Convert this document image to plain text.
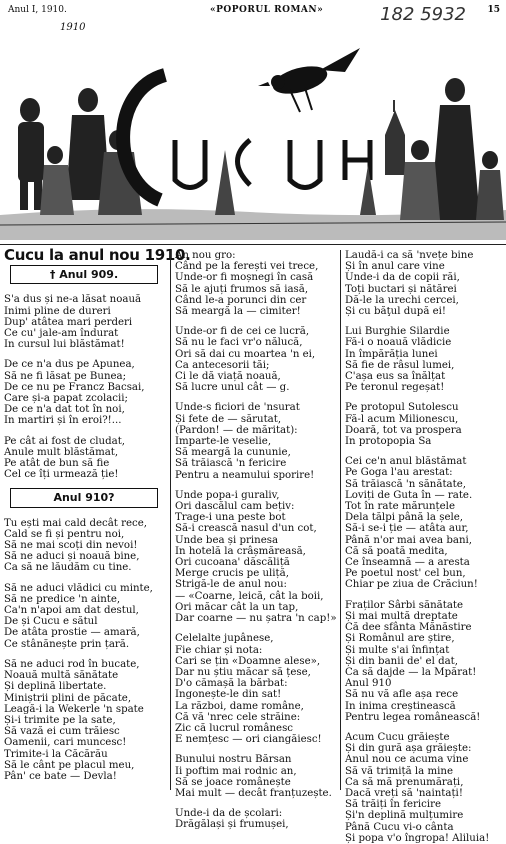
Anul I, 1910.	«POPORUL ROMAN»	182 5932 15
1910
Cucu la anul nou 1910.
† Anul 909.

S'a dus și ne-a lăsat noauă

Inimi pline de dureri

Dup' atâtea mari perderi

Ce cu' jale-am îndurat

In cursul lui blăstămat!

De ce n'a dus pe Apunea,

Să ne fi lăsat pe Bunea;

De ce nu pe Francz Bacsai,

Care și-a papat zcolacii;

De ce n'a dat tot în noi,

In martiri și în eroi?!...

Pe cât ai fost de cludat,

Anule mult blăstămat,

Pe atât de bun să fie

Cel ce îți urmează ție!

Anul 910?

Tu ești mai cald decât rece,

Cald se fi și pentru noi,

Să ne mai scoți din nevoi!

Să ne aduci și noauă bine,

Ca să ne lăudăm cu tine.

Să ne aduci vlădici cu minte,

Să ne predice 'n ainte,

Ca'n n'apoi am dat destul,

De și Cucu e sătul

De atâta prostie — amară,

Ce stânănește prin țară.

Să ne aduci rod în bucate,

Noauă multă sănătate

Și deplină libertate.

Miniștrii plini de păcate,

Leagă-i la Wekerle 'n spate

Și-i trimite pe la sate,

Să vază ei cum trăiesc

Oamenii, cari muncesc!

Trimite-i la Căcărău

Să le cânt pe placul meu,

Pân' ce bate — Devla!

An nou gro:

Când pe la ferești vei trece,

Unde-or fi moșnegi în casă

Să le ajuți frumos să iasă,

Când le-a porunci din cer

Să meargă la — cimiter!

Unde-or fi de cei ce lucră,

Să nu le faci vr'o nălucă,

Ori să dai cu moartea 'n ei,

Ca antecesorii tăi;

Ci le dă viață noauă,

Să lucre unul cât — g.

Unde-s ficiori de 'nsurat

Și fete de — sărutat,

(Pardon! — de măritat):

Imparte-le veselie,

Să meargă la cununie,

Să trăiască 'n fericire

Pentru a neamului sporire!

Unde popa-i guraliv,

Ori dascălul cam bețiv:

Trage-i una peste bot

Să-i crească nasul d'un cot,

Unde bea și prinesa

In hotelă la crâșmăreasă,

Ori cucoana' dăscăliță

Merge crucis pe uliță,

Strigă-le de anul nou:

— «Coarne, leică, cât la boii,

Ori măcar cât la un tap,

Dar coarne — nu șatra 'n cap!»

Celelalte jupânese,

Fie chiar și nota:

Cari se țin «Doamne alese»,

Dar nu știu măcar să țese,

D'o cămașă la bărbat:

Ingonește-le din sat!

La război, dame române,

Că vă 'nrec cele străine:

Zic că lucrul românesc

E nemțesc — ori ciangăiesc!

Bunului nostru Bărsan

Ii poftim mai rodnic an,

Să se joace românește

Mai mult — decât franțuzește.

Unde-i da de școlari:

Drăgălași și frumușei,

Laudă-i ca să 'nvețe bine

Și în anul care vine

Unde-i da de copii răi,

Toți buctari și nătărei

Dă-le la urechi cercei,

Și cu băţul după ei!

Lui Burghie Silardie

Fă-i o noauă vlădicie

In împărăția lunei

Să fie de râsul lumei,

C'așa eus sa înălțat

Pe teronul regeșat!

Pe protopul Sutolescu

Fă-l acum Milionescu,

Doară, tot va prospera

In protopopia Sa

Cei ce'n anul blăstămat

Pe Goga l'au arestat:

Să trăiască 'n sănătate,

Loviți de Guta în — rate.

Tot în rate mărunțele

Dela tălpi până la șele,

Să-i se-i ție — atâta aur,

Până n'or mai avea bani,

Că să poată medita,

Ce înseamnă — a aresta

Pe poetul nost' cel bun,

Chiar pe ziua de Crăciun!

Fraților Sârbi sănătate

Și mai multă dreptate

Că dee sfânta Mănăstire

Și Românul are știre,

Și multe s'ai înfințat

Și din banii de' el dat,

Ca să dajde — la Mpărat!

Anul 910

Să nu vă afle așa rece

In inima creștinească

Pentru legea românească!

Acum Cucu grăiește

Și din gură așa grăiește:

Anul nou ce acuma vine

Să vă trimiță la mine

Ca să mă prenumărați,

Dacă vreți să 'naintați!

Să trăiți în fericire

Și'n deplină mulțumire

Până Cucu vi-o cânta

Și popa v'o îngropa! Aliluia!
